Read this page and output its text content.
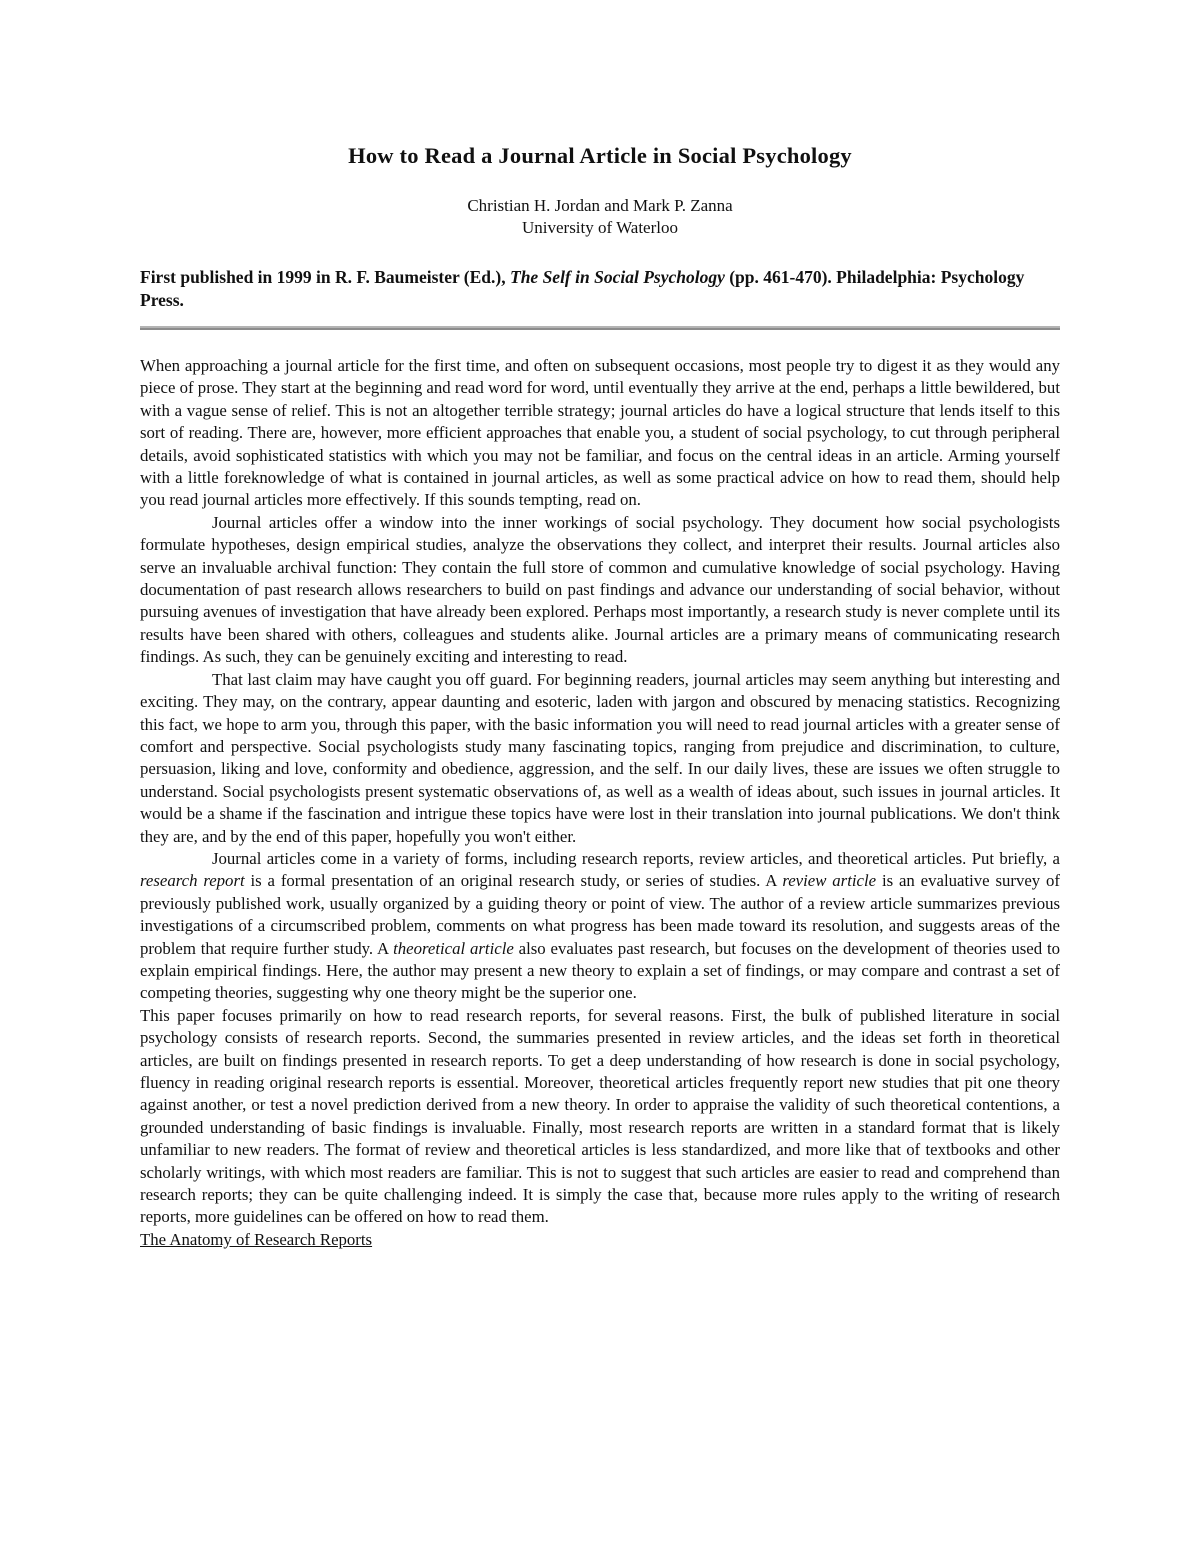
How to Read a Journal Article in Social Psychology
Christian H. Jordan and Mark P. Zanna
University of Waterloo
First published in 1999 in R. F. Baumeister (Ed.), The Self in Social Psychology (pp. 461-470). Philadelphia: Psychology Press.

When approaching a journal article for the first time, and often on subsequent occasions, most people try to digest it as they would any piece of prose. They start at the beginning and read word for word, until eventually they arrive at the end, perhaps a little bewildered, but with a vague sense of relief. This is not an altogether terrible strategy; journal articles do have a logical structure that lends itself to this sort of reading. There are, however, more efficient approaches that enable you, a student of social psychology, to cut through peripheral details, avoid sophisticated statistics with which you may not be familiar, and focus on the central ideas in an article. Arming yourself with a little foreknowledge of what is contained in journal articles, as well as some practical advice on how to read them, should help you read journal articles more effectively. If this sounds tempting, read on.

Journal articles offer a window into the inner workings of social psychology. They document how social psychologists formulate hypotheses, design empirical studies, analyze the observations they collect, and interpret their results. Journal articles also serve an invaluable archival function: They contain the full store of common and cumulative knowledge of social psychology. Having documentation of past research allows researchers to build on past findings and advance our understanding of social behavior, without pursuing avenues of investigation that have already been explored. Perhaps most importantly, a research study is never complete until its results have been shared with others, colleagues and students alike. Journal articles are a primary means of communicating research findings. As such, they can be genuinely exciting and interesting to read.

That last claim may have caught you off guard. For beginning readers, journal articles may seem anything but interesting and exciting. They may, on the contrary, appear daunting and esoteric, laden with jargon and obscured by menacing statistics. Recognizing this fact, we hope to arm you, through this paper, with the basic information you will need to read journal articles with a greater sense of comfort and perspective. Social psychologists study many fascinating topics, ranging from prejudice and discrimination, to culture, persuasion, liking and love, conformity and obedience, aggression, and the self. In our daily lives, these are issues we often struggle to understand. Social psychologists present systematic observations of, as well as a wealth of ideas about, such issues in journal articles. It would be a shame if the fascination and intrigue these topics have were lost in their translation into journal publications. We don't think they are, and by the end of this paper, hopefully you won't either.

Journal articles come in a variety of forms, including research reports, review articles, and theoretical articles. Put briefly, a research report is a formal presentation of an original research study, or series of studies. A review article is an evaluative survey of previously published work, usually organized by a guiding theory or point of view. The author of a review article summarizes previous investigations of a circumscribed problem, comments on what progress has been made toward its resolution, and suggests areas of the problem that require further study. A theoretical article also evaluates past research, but focuses on the development of theories used to explain empirical findings. Here, the author may present a new theory to explain a set of findings, or may compare and contrast a set of competing theories, suggesting why one theory might be the superior one.

This paper focuses primarily on how to read research reports, for several reasons. First, the bulk of published literature in social psychology consists of research reports. Second, the summaries presented in review articles, and the ideas set forth in theoretical articles, are built on findings presented in research reports. To get a deep understanding of how research is done in social psychology, fluency in reading original research reports is essential. Moreover, theoretical articles frequently report new studies that pit one theory against another, or test a novel prediction derived from a new theory. In order to appraise the validity of such theoretical contentions, a grounded understanding of basic findings is invaluable. Finally, most research reports are written in a standard format that is likely unfamiliar to new readers. The format of review and theoretical articles is less standardized, and more like that of textbooks and other scholarly writings, with which most readers are familiar. This is not to suggest that such articles are easier to read and comprehend than research reports; they can be quite challenging indeed. It is simply the case that, because more rules apply to the writing of research reports, more guidelines can be offered on how to read them.

The Anatomy of Research Reports
